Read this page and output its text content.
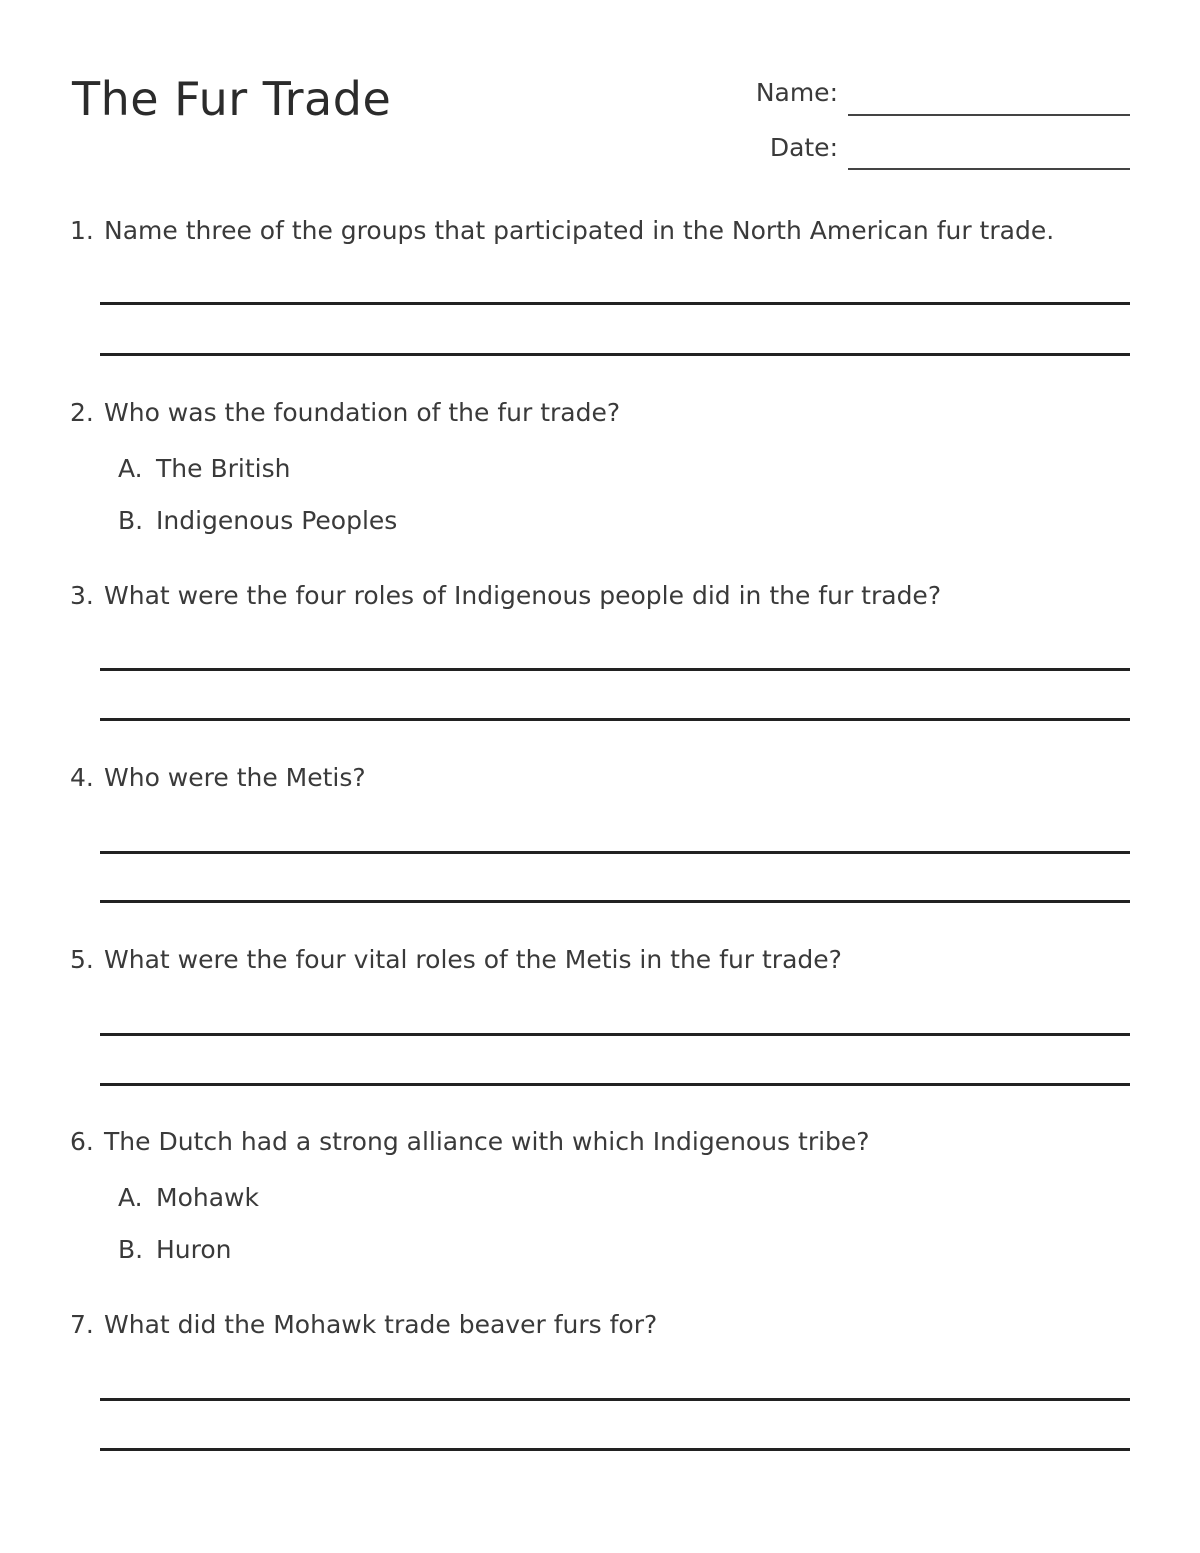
The Fur Trade	Name:
Date:
1. Name three of the groups that participated in the North American fur trade.
2. Who was the foundation of the fur trade?
A. The British
B. Indigenous Peoples
3. What were the four roles of Indigenous people did in the fur trade?
4. Who were the Metis?
5. What were the four vital roles of the Metis in the fur trade?
6. The Dutch had a strong alliance with which Indigenous tribe?
A. Mohawk
B. Huron
7. What did the Mohawk trade beaver furs for?
